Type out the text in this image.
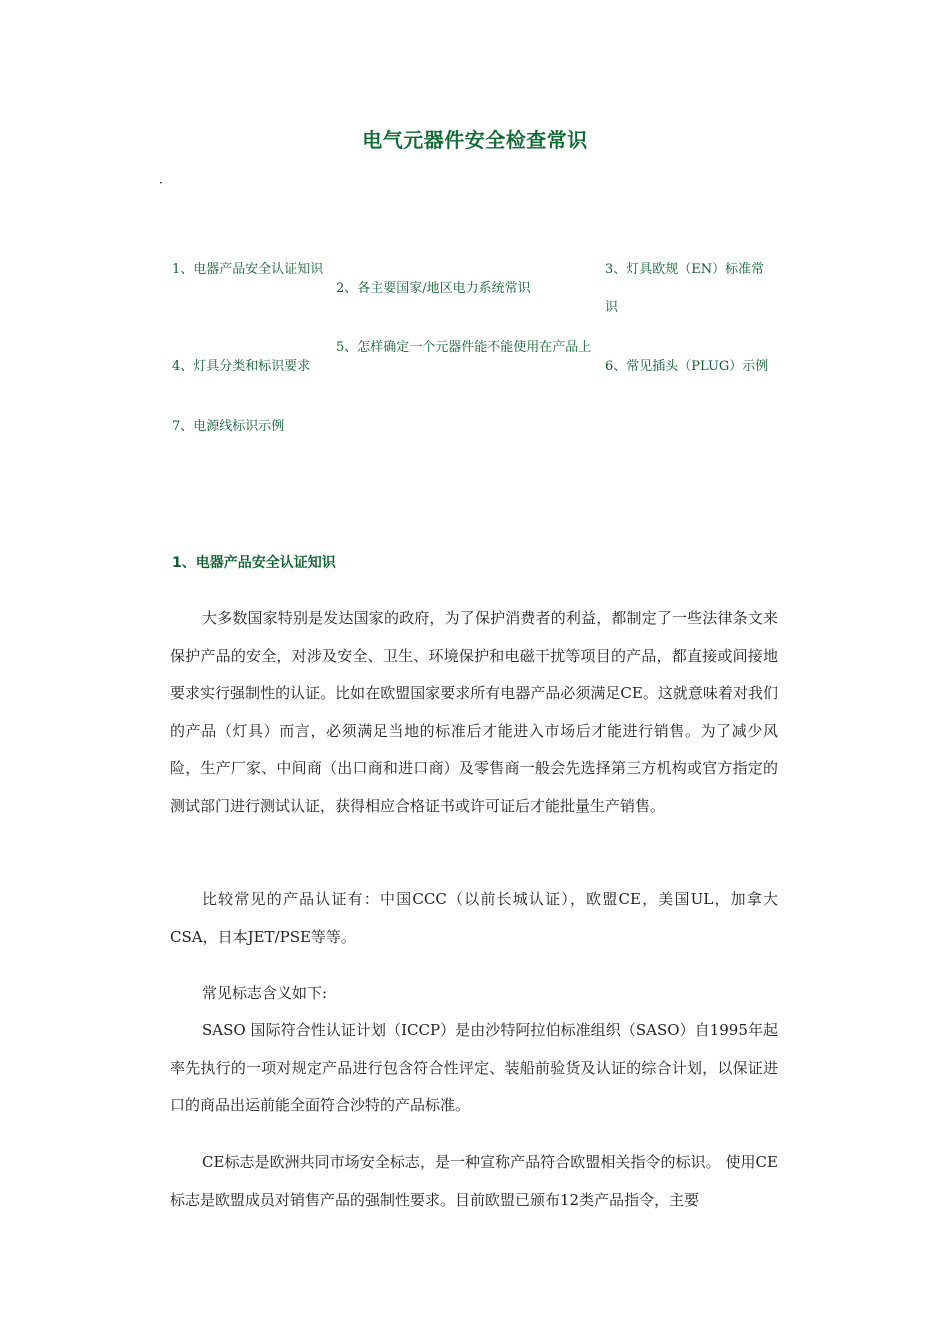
电气元器件安全检查常识
·
1、电器产品安全认证知识
2、各主要国家/地区电力系统常识
3、灯具欧规（EN）标准常识
4、灯具分类和标识要求
5、怎样确定一个元器件能不能使用在产品上
6、常见插头（PLUG）示例
7、电源线标识示例
1、电器产品安全认证知识

大多数国家特别是发达国家的政府，为了保护消费者的利益，都制定了一些法律条文来保护产品的安全，对涉及安全、卫生、环境保护和电磁干扰等项目的产品，都直接或间接地要求实行强制性的认证。比如在欧盟国家要求所有电器产品必须满足CE。这就意味着对我们的产品（灯具）而言，必须满足当地的标准后才能进入市场后才能进行销售。为了减少风险，生产厂家、中间商（出口商和进口商）及零售商一般会先选择第三方机构或官方指定的测试部门进行测试认证，获得相应合格证书或许可证后才能批量生产销售。

比较常见的产品认证有：中国CCC（以前长城认证），欧盟CE，美国UL，加拿大CSA，日本JET/PSE等等。

常见标志含义如下:

SASO 国际符合性认证计划（ICCP）是由沙特阿拉伯标准组织（SASO）自1995年起率先执行的一项对规定产品进行包含符合性评定、装船前验货及认证的综合计划，以保证进口的商品出运前能全面符合沙特的产品标准。

CE标志是欧洲共同市场安全标志，是一种宣称产品符合欧盟相关指令的标识。 使用CE标志是欧盟成员对销售产品的强制性要求。目前欧盟已颁布12类产品指令，主要
